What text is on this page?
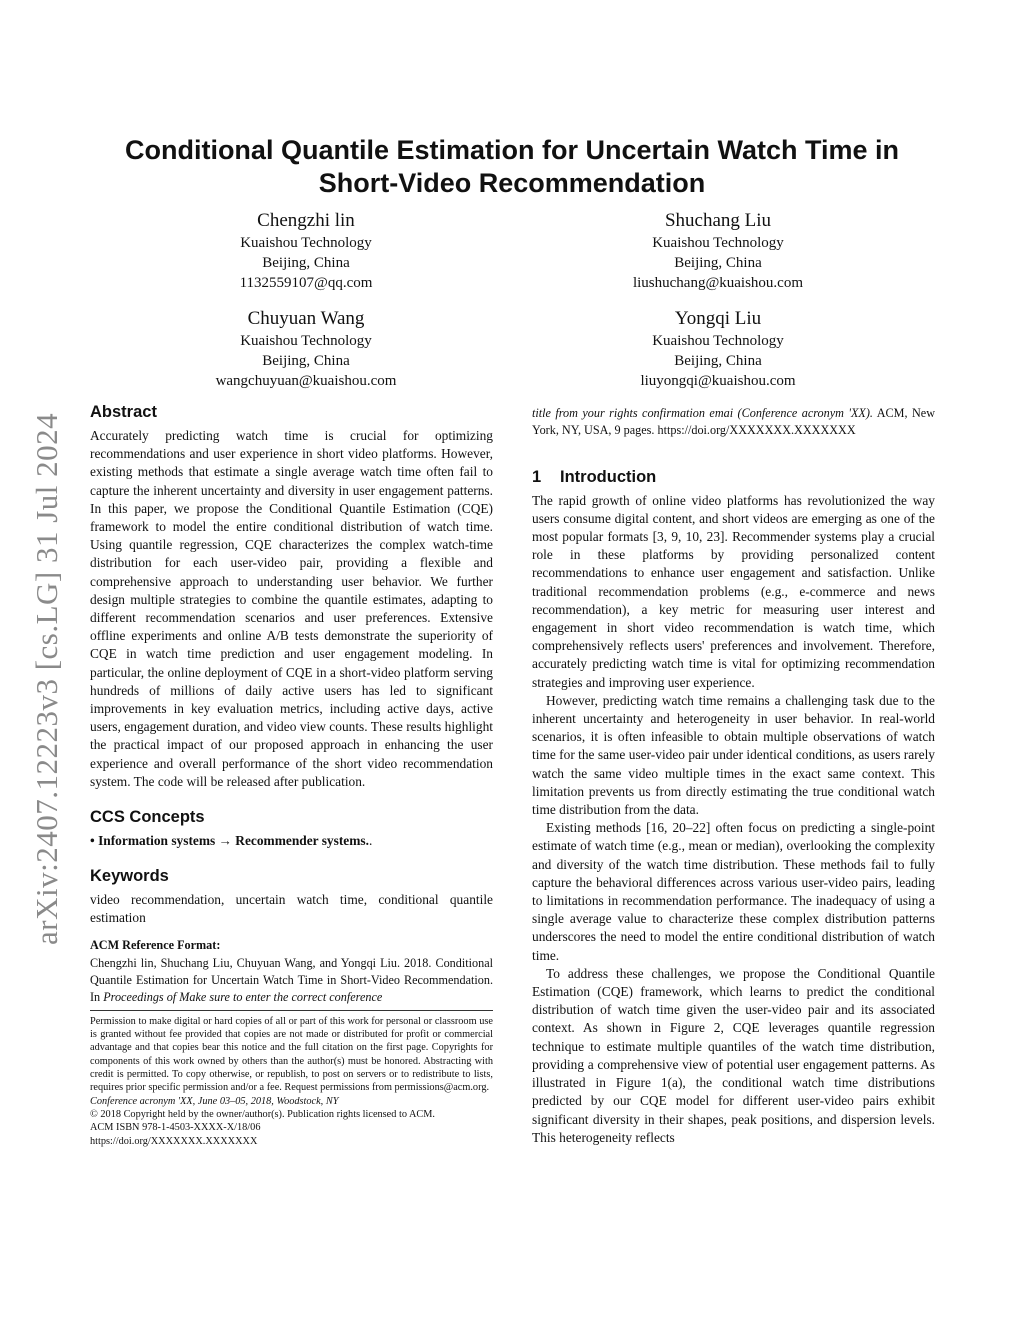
Conditional Quantile Estimation for Uncertain Watch Time in
Short-Video Recommendation
Chengzhi lin
Kuaishou Technology
Beijing, China
1132559107@qq.com
Shuchang Liu
Kuaishou Technology
Beijing, China
liushuchang@kuaishou.com
Chuyuan Wang
Kuaishou Technology
Beijing, China
wangchuyuan@kuaishou.com
Yongqi Liu
Kuaishou Technology
Beijing, China
liuyongqi@kuaishou.com
arXiv:2407.12223v3 [cs.LG] 31 Jul 2024
Abstract

Accurately predicting watch time is crucial for optimizing recommendations and user experience in short video platforms. However, existing methods that estimate a single average watch time often fail to capture the inherent uncertainty and diversity in user engagement patterns. In this paper, we propose the Conditional Quantile Estimation (CQE) framework to model the entire conditional distribution of watch time. Using quantile regression, CQE characterizes the complex watch-time distribution for each user-video pair, providing a flexible and comprehensive approach to understanding user behavior. We further design multiple strategies to combine the quantile estimates, adapting to different recommendation scenarios and user preferences. Extensive offline experiments and online A/B tests demonstrate the superiority of CQE in watch time prediction and user engagement modeling. In particular, the online deployment of CQE in a short-video platform serving hundreds of millions of daily active users has led to significant improvements in key evaluation metrics, including active days, active users, engagement duration, and video view counts. These results highlight the practical impact of our proposed approach in enhancing the user experience and overall performance of the short video recommendation system. The code will be released after publication.

CCS Concepts

• Information systems → Recommender systems..

Keywords

video recommendation, uncertain watch time, conditional quantile estimation

ACM Reference Format:

Chengzhi lin, Shuchang Liu, Chuyuan Wang, and Yongqi Liu. 2018. Conditional Quantile Estimation for Uncertain Watch Time in Short-Video Recommendation. In Proceedings of Make sure to enter the correct conference

Permission to make digital or hard copies of all or part of this work for personal or classroom use is granted without fee provided that copies are not made or distributed for profit or commercial advantage and that copies bear this notice and the full citation on the first page. Copyrights for components of this work owned by others than the author(s) must be honored. Abstracting with credit is permitted. To copy otherwise, or republish, to post on servers or to redistribute to lists, requires prior specific permission and/or a fee. Request permissions from permissions@acm.org.

Conference acronym 'XX, June 03–05, 2018, Woodstock, NY

© 2018 Copyright held by the owner/author(s). Publication rights licensed to ACM.

ACM ISBN 978-1-4503-XXXX-X/18/06

https://doi.org/XXXXXXX.XXXXXXX

title from your rights confirmation emai (Conference acronym 'XX). ACM, New York, NY, USA, 9 pages. https://doi.org/XXXXXXX.XXXXXXX

1 Introduction

The rapid growth of online video platforms has revolutionized the way users consume digital content, and short videos are emerging as one of the most popular formats [3, 9, 10, 23]. Recommender systems play a crucial role in these platforms by providing personalized content recommendations to enhance user engagement and satisfaction. Unlike traditional recommendation problems (e.g., e-commerce and news recommendation), a key metric for measuring user interest and engagement in short video recommendation is watch time, which comprehensively reflects users' preferences and involvement. Therefore, accurately predicting watch time is vital for optimizing recommendation strategies and improving user experience.

However, predicting watch time remains a challenging task due to the inherent uncertainty and heterogeneity in user behavior. In real-world scenarios, it is often infeasible to obtain multiple observations of watch time for the same user-video pair under identical conditions, as users rarely watch the same video multiple times in the exact same context. This limitation prevents us from directly estimating the true conditional watch time distribution from the data.

Existing methods [16, 20–22] often focus on predicting a single-point estimate of watch time (e.g., mean or median), overlooking the complexity and diversity of the watch time distribution. These methods fail to fully capture the behavioral differences across various user-video pairs, leading to limitations in recommendation performance. The inadequacy of using a single average value to characterize these complex distribution patterns underscores the need to model the entire conditional distribution of watch time.

To address these challenges, we propose the Conditional Quantile Estimation (CQE) framework, which learns to predict the conditional distribution of watch time given the user-video pair and its associated context. As shown in Figure 2, CQE leverages quantile regression technique to estimate multiple quantiles of the watch time distribution, providing a comprehensive view of potential user engagement patterns. As illustrated in Figure 1(a), the conditional watch time distributions predicted by our CQE model for different user-video pairs exhibit significant diversity in their shapes, peak positions, and dispersion levels. This heterogeneity reflects
